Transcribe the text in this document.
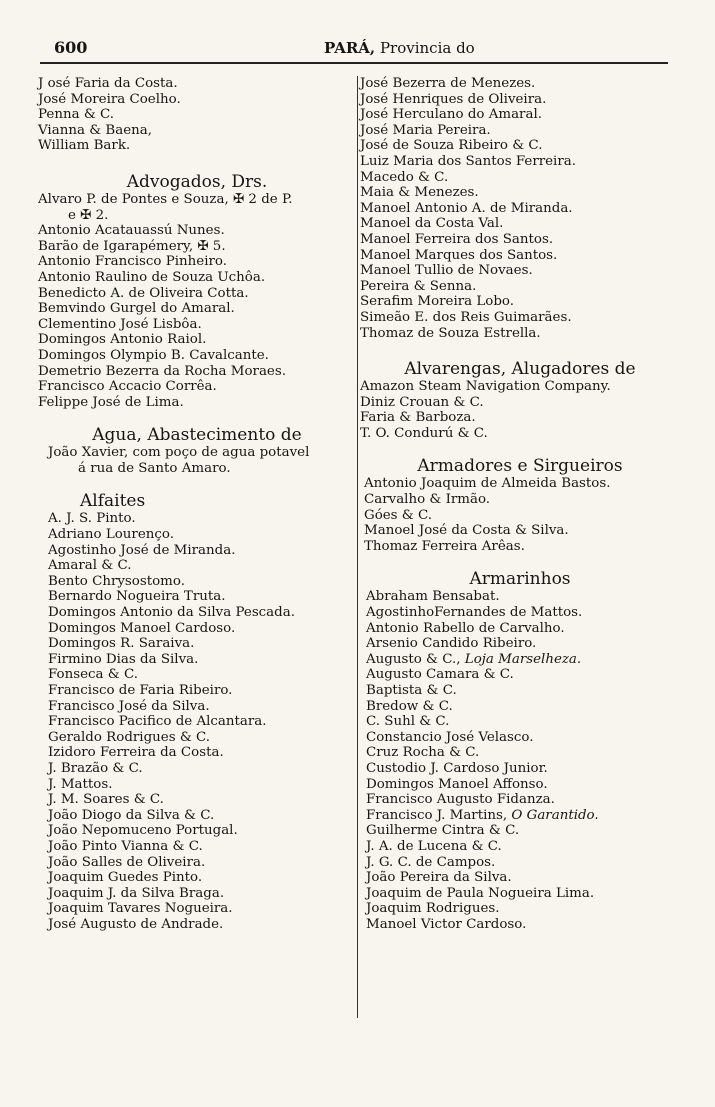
600	PARÁ, Provincia do
J osé Faria da Costa.
José Moreira Coelho.
Penna & C.
Vianna & Baena,
William Bark.
Advogados, Drs.
Alvaro P. de Pontes e Souza, ✠ 2 de P.
e ✠ 2.
Antonio Acatauassú Nunes.
Barão de Igarapémery, ✠ 5.
Antonio Francisco Pinheiro.
Antonio Raulino de Souza Uchôa.
Benedicto A. de Oliveira Cotta.
Bemvindo Gurgel do Amaral.
Clementino José Lisbôa.
Domingos Antonio Raiol.
Domingos Olympio B. Cavalcante.
Demetrio Bezerra da Rocha Moraes.
Francisco Accacio Corrêa.
Felippe José de Lima.
Agua, Abastecimento de
João Xavier, com poço de agua potavel
á rua de Santo Amaro.
Alfaites
A. J. S. Pinto.
Adriano Lourenço.
Agostinho José de Miranda.
Amaral & C.
Bento Chrysostomo.
Bernardo Nogueira Truta.
Domingos Antonio da Silva Pescada.
Domingos Manoel Cardoso.
Domingos R. Saraiva.
Firmino Dias da Silva.
Fonseca & C.
Francisco de Faria Ribeiro.
Francisco José da Silva.
Francisco Pacifico de Alcantara.
Geraldo Rodrigues & C.
Izidoro Ferreira da Costa.
J. Brazão & C.
J. Mattos.
J. M. Soares & C.
João Diogo da Silva & C.
João Nepomuceno Portugal.
João Pinto Vianna & C.
João Salles de Oliveira.
Joaquim Guedes Pinto.
Joaquim J. da Silva Braga.
Joaquim Tavares Nogueira.
José Augusto de Andrade.
José Bezerra de Menezes.
José Henriques de Oliveira.
José Herculano do Amaral.
José Maria Pereira.
José de Souza Ribeiro & C.
Luiz Maria dos Santos Ferreira.
Macedo & C.
Maia & Menezes.
Manoel Antonio A. de Miranda.
Manoel da Costa Val.
Manoel Ferreira dos Santos.
Manoel Marques dos Santos.
Manoel Tullio de Novaes.
Pereira & Senna.
Serafim Moreira Lobo.
Simeão E. dos Reis Guimarães.
Thomaz de Souza Estrella.
Alvarengas, Alugadores de
Amazon Steam Navigation Company.
Diniz Crouan & C.
Faria & Barboza.
T. O. Condurú & C.
Armadores e Sirgueiros
Antonio Joaquim de Almeida Bastos.
Carvalho & Irmão.
Góes & C.
Manoel José da Costa & Silva.
Thomaz Ferreira Arêas.
Armarinhos
Abraham Bensabat.
AgostinhoFernandes de Mattos.
Antonio Rabello de Carvalho.
Arsenio Candido Ribeiro.
Augusto & C., Loja Marselheza.
Augusto Camara & C.
Baptista & C.
Bredow & C.
C. Suhl & C.
Constancio José Velasco.
Cruz Rocha & C.
Custodio J. Cardoso Junior.
Domingos Manoel Affonso.
Francisco Augusto Fidanza.
Francisco J. Martins, O Garantido.
Guilherme Cintra & C.
J. A. de Lucena & C.
J. G. C. de Campos.
João Pereira da Silva.
Joaquim de Paula Nogueira Lima.
Joaquim Rodrigues.
Manoel Victor Cardoso.
